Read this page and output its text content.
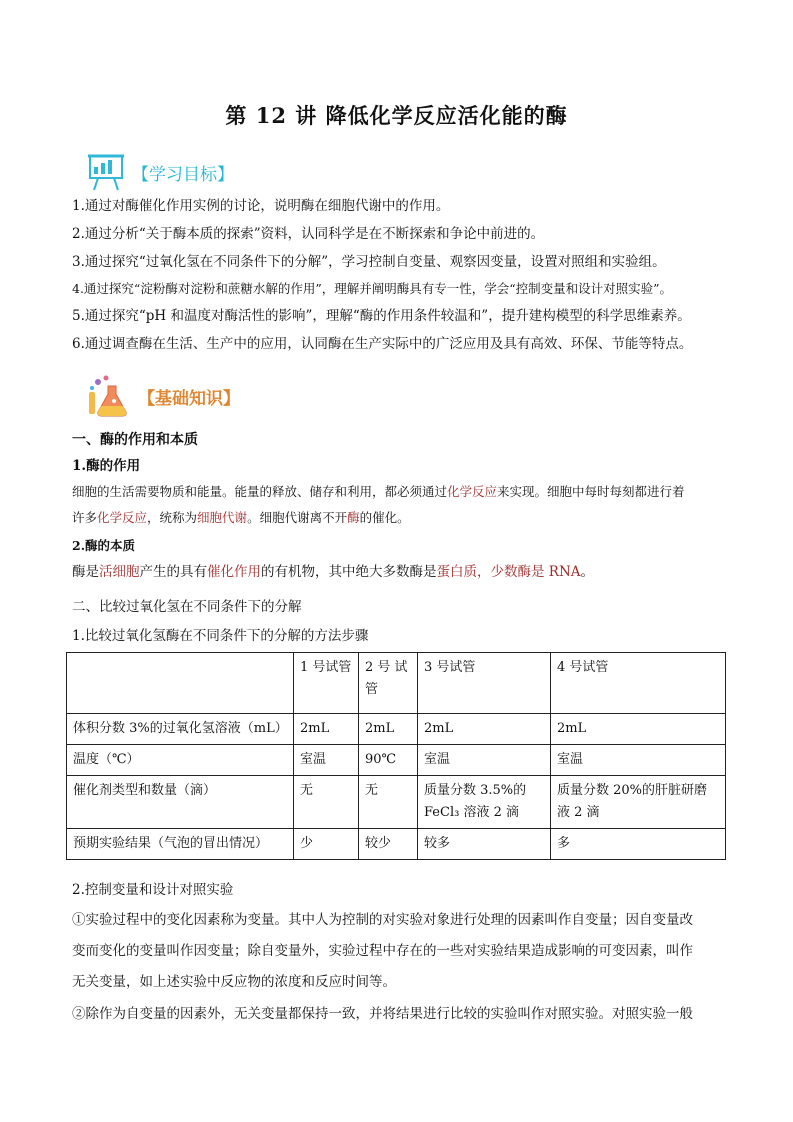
第 12 讲 降低化学反应活化能的酶
【学习目标】
1.通过对酶催化作用实例的讨论，说明酶在细胞代谢中的作用。
2.通过分析“关于酶本质的探索”资料，认同科学是在不断探索和争论中前进的。
3.通过探究“过氧化氢在不同条件下的分解”，学习控制自变量、观察因变量，设置对照组和实验组。
4.通过探究“淀粉酶对淀粉和蔗糖水解的作用”，理解并阐明酶具有专一性，学会“控制变量和设计对照实验”。
5.通过探究“pH 和温度对酶活性的影响”，理解“酶的作用条件较温和”，提升建构模型的科学思维素养。
6.通过调查酶在生活、生产中的应用，认同酶在生产实际中的广泛应用及具有高效、环保、节能等特点。
【基础知识】
一、酶的作用和本质
1.酶的作用
细胞的生活需要物质和能量。能量的释放、储存和利用，都必须通过化学反应来实现。细胞中每时每刻都进行着
许多化学反应，统称为细胞代谢。细胞代谢离不开酶的催化。
2.酶的本质
酶是活细胞产生的具有催化作用的有机物，其中绝大多数酶是蛋白质，少数酶是 RNA。
二、比较过氧化氢在不同条件下的分解
1.比较过氧化氢酶在不同条件下的分解的方法步骤
	1 号试管	2 号 试管	3 号试管	4 号试管
体积分数 3%的过氧化氢溶液（mL）	2mL	2mL	2mL	2mL
温度（℃）	室温	90℃	室温	室温
催化剂类型和数量（滴）	无	无	质量分数 3.5%的 FeCl₃ 溶液 2 滴	质量分数 20%的肝脏研磨液 2 滴
预期实验结果（气泡的冒出情况）	少	较少	较多	多
2.控制变量和设计对照实验
①实验过程中的变化因素称为变量。其中人为控制的对实验对象进行处理的因素叫作自变量；因自变量改
变而变化的变量叫作因变量；除自变量外，实验过程中存在的一些对实验结果造成影响的可变因素，叫作
无关变量，如上述实验中反应物的浓度和反应时间等。
②除作为自变量的因素外，无关变量都保持一致，并将结果进行比较的实验叫作对照实验。对照实验一般
